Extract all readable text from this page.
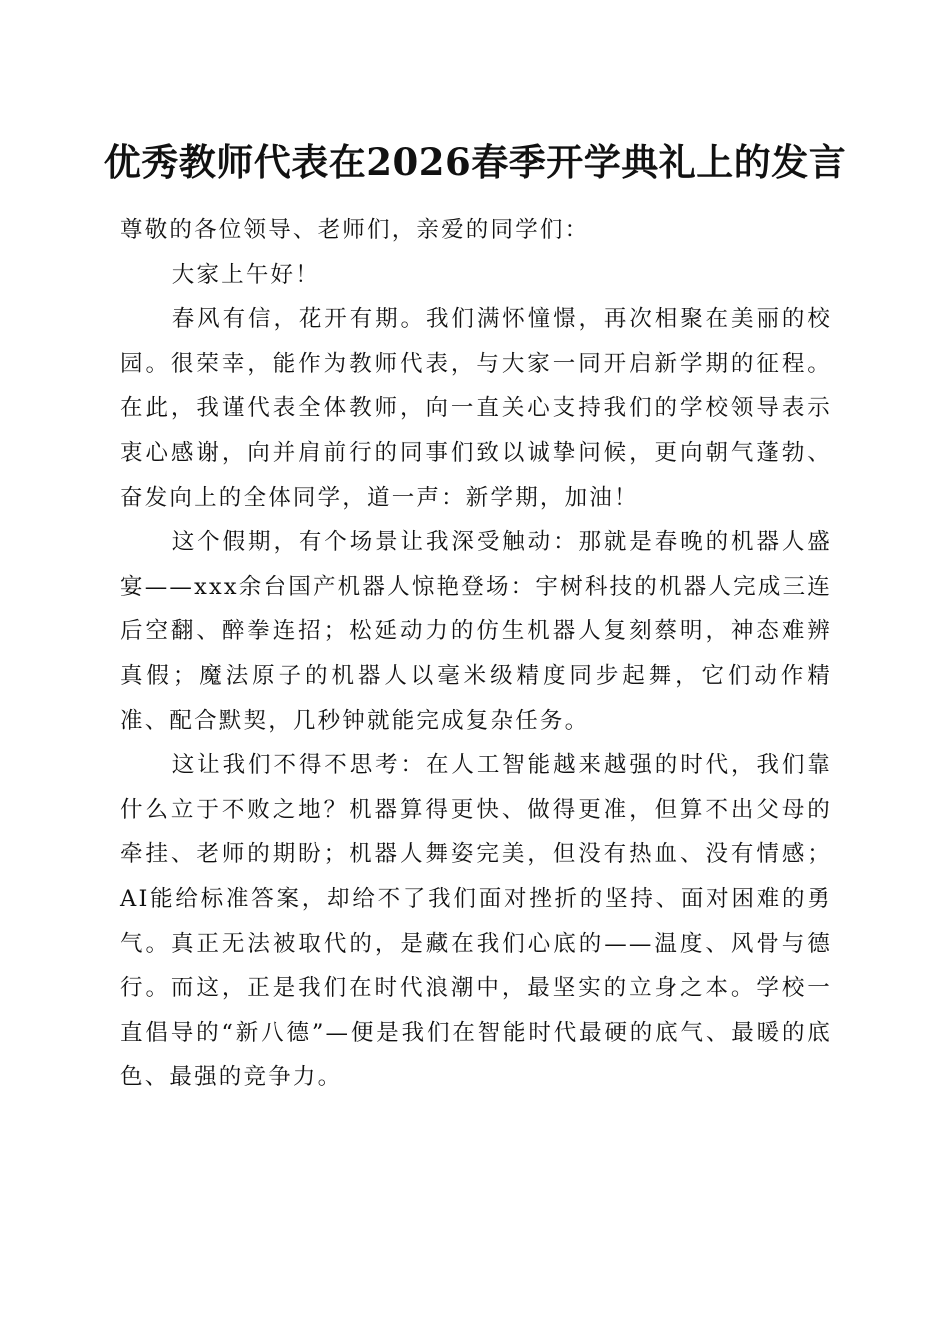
优秀教师代表在2026春季开学典礼上的发言

尊敬的各位领导、老师们，亲爱的同学们：

大家上午好！

春风有信，花开有期。我们满怀憧憬，再次相聚在美丽的校园。很荣幸，能作为教师代表，与大家一同开启新学期的征程。在此，我谨代表全体教师，向一直关心支持我们的学校领导表示衷心感谢，向并肩前行的同事们致以诚挚问候，更向朝气蓬勃、奋发向上的全体同学，道一声：新学期，加油！

这个假期，有个场景让我深受触动：那就是春晚的机器人盛宴——xxx余台国产机器人惊艳登场：宇树科技的机器人完成三连后空翻、醉拳连招；松延动力的仿生机器人复刻蔡明，神态难辨真假；魔法原子的机器人以毫米级精度同步起舞，它们动作精准、配合默契，几秒钟就能完成复杂任务。

这让我们不得不思考：在人工智能越来越强的时代，我们靠什么立于不败之地？机器算得更快、做得更准，但算不出父母的牵挂、老师的期盼；机器人舞姿完美，但没有热血、没有情感；AI能给标准答案，却给不了我们面对挫折的坚持、面对困难的勇气。真正无法被取代的，是藏在我们心底的——温度、风骨与德行。而这，正是我们在时代浪潮中，最坚实的立身之本。学校一直倡导的“新八德”—便是我们在智能时代最硬的底气、最暖的底色、最强的竞争力。
